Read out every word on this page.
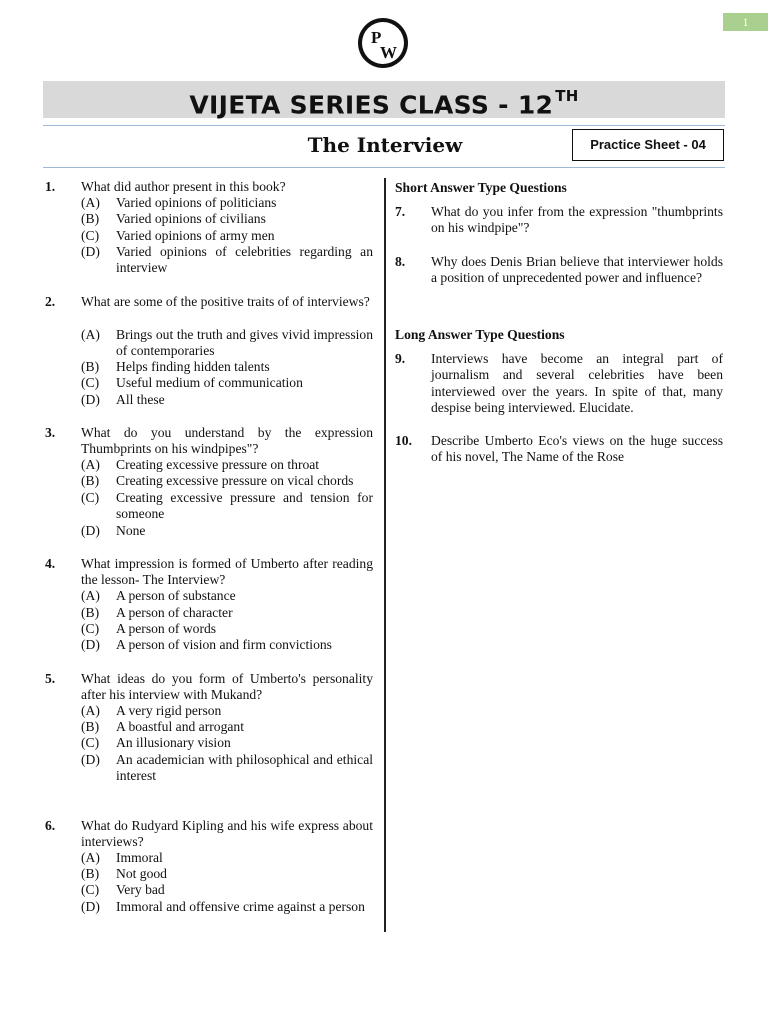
1
P
W
VIJETA SERIES CLASS - 12 $^{TH}$
The Interview	Practice Sheet - 04
1. What did author present in this book?
(A) Varied opinions of politicians
(B) Varied opinions of civilians
(C) Varied opinions of army men
(D) Varied opinions of celebrities regarding an interview
2. What are some of the positive traits of of interviews?
(A) Brings out the truth and gives vivid impression of contemporaries
(B) Helps finding hidden talents
(C) Useful medium of communication
(D) All these
3. What do you understand by the expression Thumbprints on his windpipes"?
(A) Creating excessive pressure on throat
(B) Creating excessive pressure on vical chords
(C) Creating excessive pressure and tension for someone
(D) None
4. What impression is formed of Umberto after reading the lesson- The Interview?
(A) A person of substance
(B) A person of character
(C) A person of words
(D) A person of vision and firm convictions
5. What ideas do you form of Umberto's personality after his interview with Mukand?
(A) A very rigid person
(B) A boastful and arrogant
(C) An illusionary vision
(D) An academician with philosophical and ethical interest
6. What do Rudyard Kipling and his wife express about interviews?
(A) Immoral
(B) Not good
(C) Very bad
(D) Immoral and offensive crime against a person
Short Answer Type Questions
7. What do you infer from the expression "thumbprints on his windpipe"?
8. Why does Denis Brian believe that interviewer holds a position of unprecedented power and influence?
Long Answer Type Questions
9. Interviews have become an integral part of journalism and several celebrities have been interviewed over the years. In spite of that, many despise being interviewed. Elucidate.
10. Describe Umberto Eco's views on the huge success of his novel, The Name of the Rose
